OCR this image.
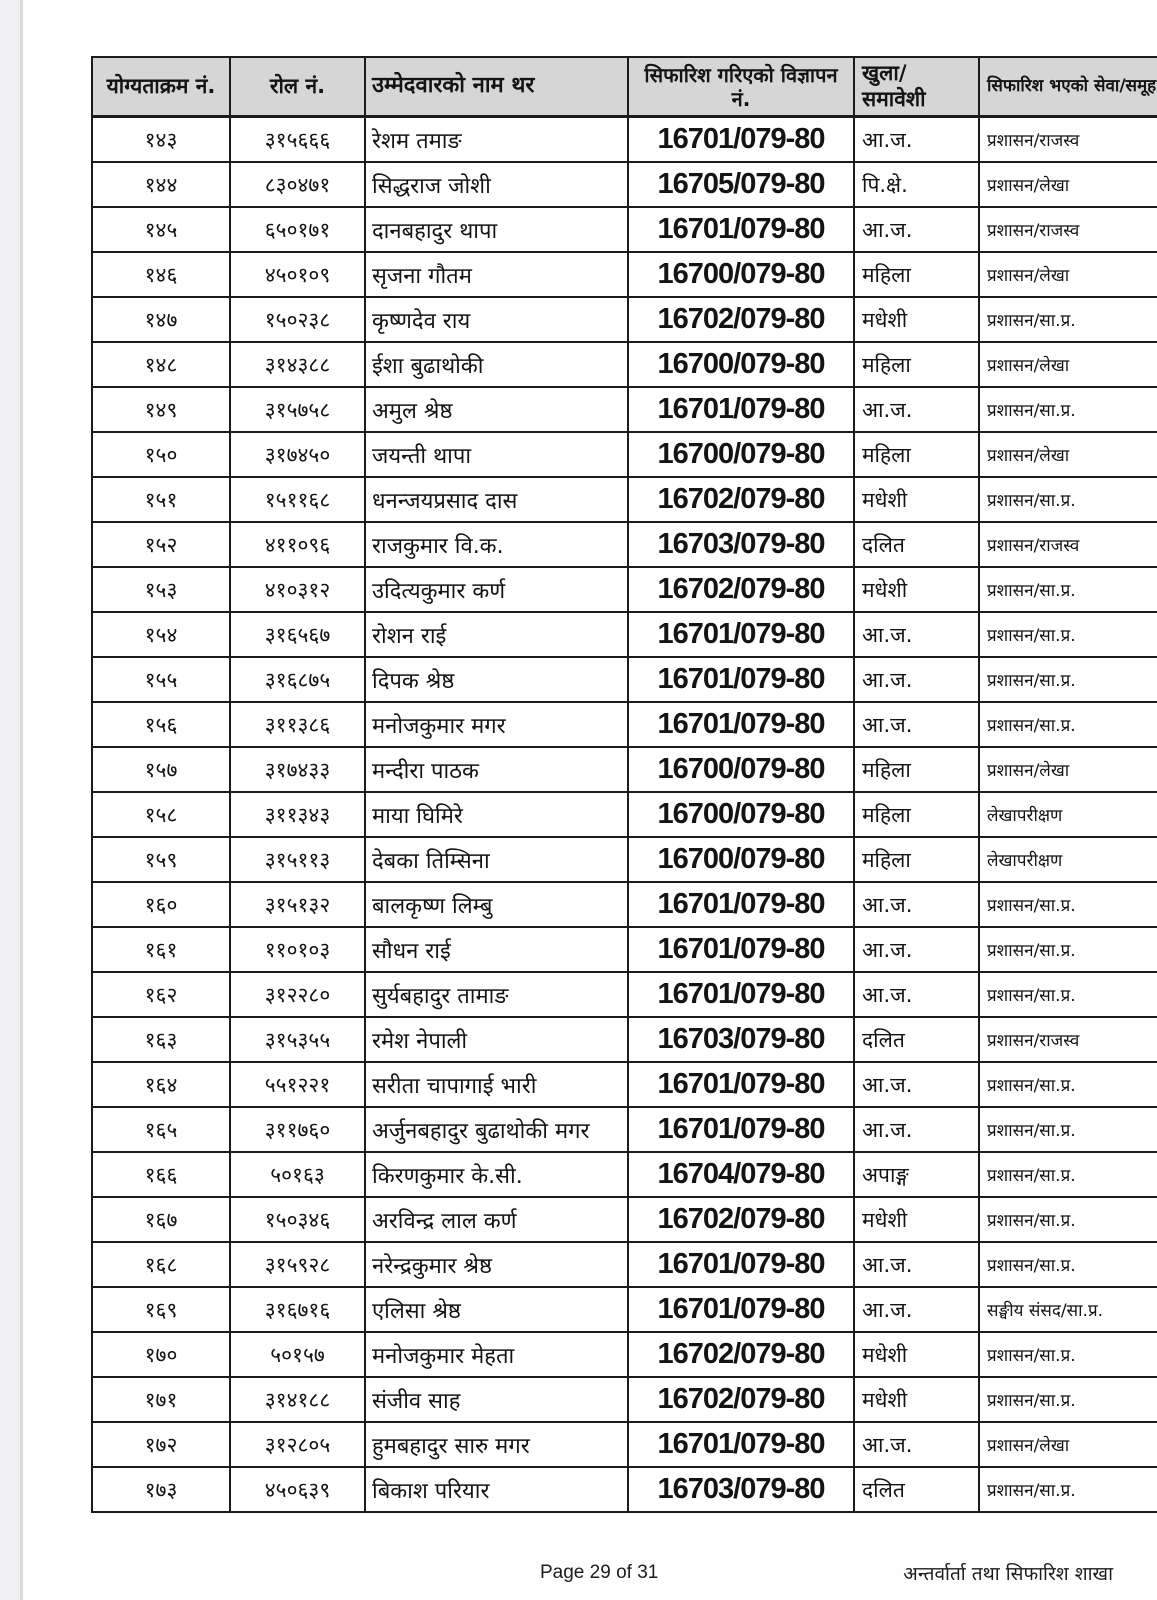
योग्यताक्रम नं.	रोल नं.	उम्मेदवारको नाम थर	सिफारिश गरिएको विज्ञापन नं.	खुला/ समावेशी	सिफारिश भएको सेवा/समूह
१४३	३१५६६६	रेशम तमाङ	16701/079-80	आ.ज.	प्रशासन/राजस्व
१४४	८३०४७१	सिद्धराज जोशी	16705/079-80	पि.क्षे.	प्रशासन/लेखा
१४५	६५०१७१	दानबहादुर थापा	16701/079-80	आ.ज.	प्रशासन/राजस्व
१४६	४५०१०९	सृजना गौतम	16700/079-80	महिला	प्रशासन/लेखा
१४७	१५०२३८	कृष्णदेव राय	16702/079-80	मधेशी	प्रशासन/सा.प्र.
१४८	३१४३८८	ईशा बुढाथोकी	16700/079-80	महिला	प्रशासन/लेखा
१४९	३१५७५८	अमुल श्रेष्ठ	16701/079-80	आ.ज.	प्रशासन/सा.प्र.
१५०	३१७४५०	जयन्ती थापा	16700/079-80	महिला	प्रशासन/लेखा
१५१	१५११६८	धनन्जयप्रसाद दास	16702/079-80	मधेशी	प्रशासन/सा.प्र.
१५२	४११०९६	राजकुमार वि.क.	16703/079-80	दलित	प्रशासन/राजस्व
१५३	४१०३१२	उदित्यकुमार कर्ण	16702/079-80	मधेशी	प्रशासन/सा.प्र.
१५४	३१६५६७	रोशन राई	16701/079-80	आ.ज.	प्रशासन/सा.प्र.
१५५	३१६८७५	दिपक श्रेष्ठ	16701/079-80	आ.ज.	प्रशासन/सा.प्र.
१५६	३११३८६	मनोजकुमार मगर	16701/079-80	आ.ज.	प्रशासन/सा.प्र.
१५७	३१७४३३	मन्दीरा पाठक	16700/079-80	महिला	प्रशासन/लेखा
१५८	३११३४३	माया घिमिरे	16700/079-80	महिला	लेखापरीक्षण
१५९	३१५११३	देबका तिम्सिना	16700/079-80	महिला	लेखापरीक्षण
१६०	३१५१३२	बालकृष्ण लिम्बु	16701/079-80	आ.ज.	प्रशासन/सा.प्र.
१६१	११०१०३	सौधन राई	16701/079-80	आ.ज.	प्रशासन/सा.प्र.
१६२	३१२२८०	सुर्यबहादुर तामाङ	16701/079-80	आ.ज.	प्रशासन/सा.प्र.
१६३	३१५३५५	रमेश नेपाली	16703/079-80	दलित	प्रशासन/राजस्व
१६४	५५१२२१	सरीता चापागाई भारी	16701/079-80	आ.ज.	प्रशासन/सा.प्र.
१६५	३११७६०	अर्जुनबहादुर बुढाथोकी मगर	16701/079-80	आ.ज.	प्रशासन/सा.प्र.
१६६	५०१६३	किरणकुमार के.सी.	16704/079-80	अपाङ्ग	प्रशासन/सा.प्र.
१६७	१५०३४६	अरविन्द्र लाल कर्ण	16702/079-80	मधेशी	प्रशासन/सा.प्र.
१६८	३१५९२८	नरेन्द्रकुमार श्रेष्ठ	16701/079-80	आ.ज.	प्रशासन/सा.प्र.
१६९	३१६७१६	एलिसा श्रेष्ठ	16701/079-80	आ.ज.	सङ्घीय संसद/सा.प्र.
१७०	५०१५७	मनोजकुमार मेहता	16702/079-80	मधेशी	प्रशासन/सा.प्र.
१७१	३१४१८८	संजीव साह	16702/079-80	मधेशी	प्रशासन/सा.प्र.
१७२	३१२८०५	हुमबहादुर सारु मगर	16701/079-80	आ.ज.	प्रशासन/लेखा
१७३	४५०६३९	बिकाश परियार	16703/079-80	दलित	प्रशासन/सा.प्र.
Page 29 of 31	अन्तर्वार्ता तथा सिफारिश शाखा
